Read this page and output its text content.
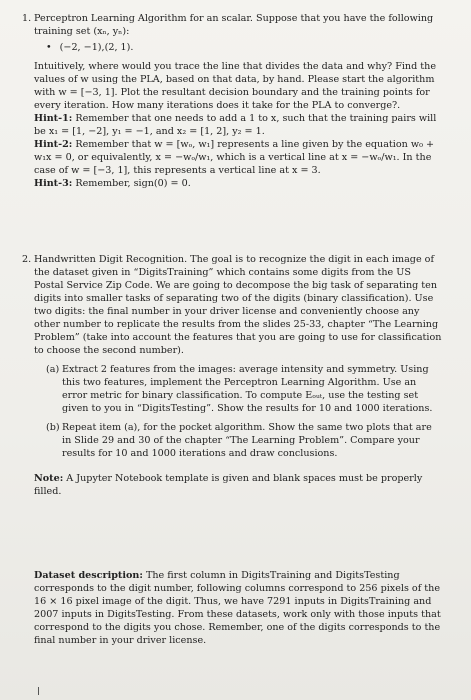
1. Perceptron Learning Algorithm for an scalar. Suppose that you have the following training set (xₙ, yₙ):

• (−2, −1),(2, 1).

Intuitively, where would you trace the line that divides the data and why? Find the values of w using the PLA, based on that data, by hand. Please start the algorithm with w = [−3, 1]. Plot the resultant decision boundary and the training points for every iteration. How many iterations does it take for the PLA to converge?.

Hint-1: Remember that one needs to add a 1 to x, such that the training pairs will be x₁ = [1, −2], y₁ = −1, and x₂ = [1, 2], y₂ = 1.

Hint-2: Remember that w = [wₒ, w₁] represents a line given by the equation w₀ + w₁x = 0, or equivalently, x = −wₒ/w₁, which is a vertical line at x = −wₒ/w₁. In the case of w = [−3, 1], this represents a vertical line at x = 3.

Hint-3: Remember, sign(0) = 0.

2. Handwritten Digit Recognition. The goal is to recognize the digit in each image of the dataset given in “DigitsTraining” which contains some digits from the US Postal Service Zip Code. We are going to decompose the big task of separating ten digits into smaller tasks of separating two of the digits (binary classification). Use two digits: the final number in your driver license and conveniently choose any other number to replicate the results from the slides 25-33, chapter “The Learning Problem” (take into account the features that you are going to use for classification to choose the second number).

(a) Extract 2 features from the images: average intensity and symmetry. Using this two features, implement the Perceptron Learning Algorithm. Use an error metric for binary classification. To compute Eₒᵤₜ, use the testing set given to you in “DigitsTesting”. Show the results for 10 and 1000 iterations.
(b) Repeat item (a), for the pocket algorithm. Show the same two plots that are in Slide 29 and 30 of the chapter “The Learning Problem”. Compare your results for 10 and 1000 iterations and draw conclusions.

Note: A Jupyter Notebook template is given and blank spaces must be properly filled.

Dataset description: The first column in DigitsTraining and DigitsTesting corresponds to the digit number, following columns correspond to 256 pixels of the 16 × 16 pixel image of the digit. Thus, we have 7291 inputs in DigitsTraining and 2007 inputs in DigitsTesting. From these datasets, work only with those inputs that correspond to the digits you chose. Remember, one of the digits corresponds to the final number in your driver license.
